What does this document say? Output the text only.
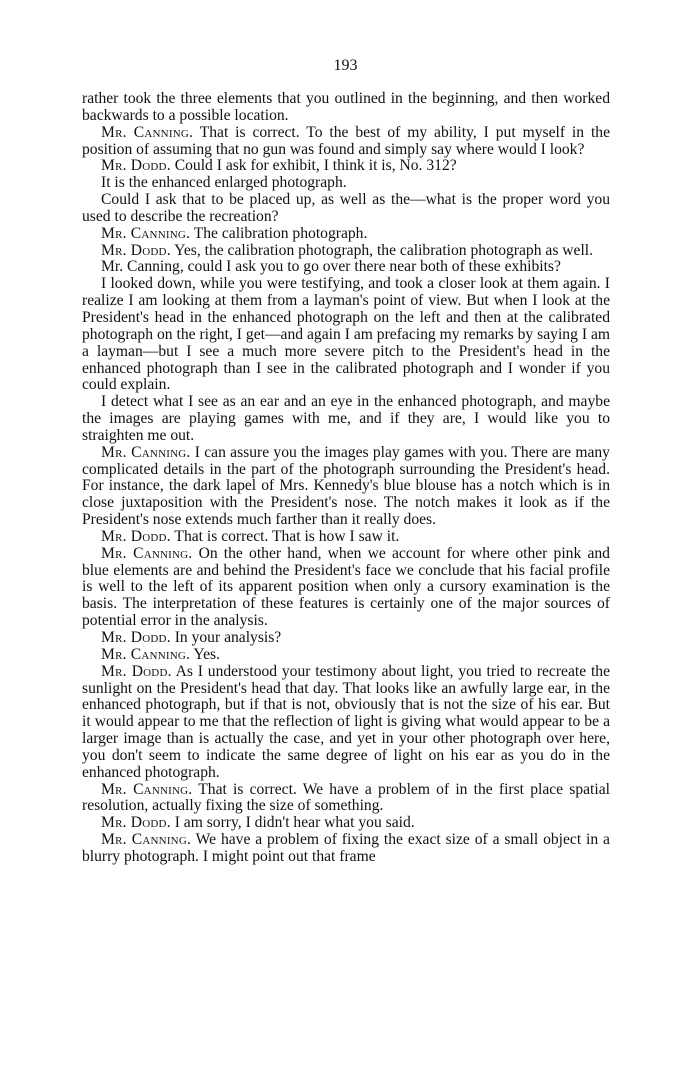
193

rather took the three elements that you outlined in the beginning, and then worked backwards to a possible location.

Mr. Canning. That is correct. To the best of my ability, I put myself in the position of assuming that no gun was found and simply say where would I look?

Mr. Dodd. Could I ask for exhibit, I think it is, No. 312?

It is the enhanced enlarged photograph.

Could I ask that to be placed up, as well as the—what is the proper word you used to describe the recreation?

Mr. Canning. The calibration photograph.

Mr. Dodd. Yes, the calibration photograph, the calibration photograph as well.

Mr. Canning, could I ask you to go over there near both of these exhibits?

I looked down, while you were testifying, and took a closer look at them again. I realize I am looking at them from a layman's point of view. But when I look at the President's head in the enhanced photograph on the left and then at the calibrated photograph on the right, I get—and again I am prefacing my remarks by saying I am a layman—but I see a much more severe pitch to the President's head in the enhanced photograph than I see in the calibrated photograph and I wonder if you could explain.

I detect what I see as an ear and an eye in the enhanced photograph, and maybe the images are playing games with me, and if they are, I would like you to straighten me out.

Mr. Canning. I can assure you the images play games with you. There are many complicated details in the part of the photograph surrounding the President's head. For instance, the dark lapel of Mrs. Kennedy's blue blouse has a notch which is in close juxtaposition with the President's nose. The notch makes it look as if the President's nose extends much farther than it really does.

Mr. Dodd. That is correct. That is how I saw it.

Mr. Canning. On the other hand, when we account for where other pink and blue elements are and behind the President's face we conclude that his facial profile is well to the left of its apparent position when only a cursory examination is the basis. The interpretation of these features is certainly one of the major sources of potential error in the analysis.

Mr. Dodd. In your analysis?

Mr. Canning. Yes.

Mr. Dodd. As I understood your testimony about light, you tried to recreate the sunlight on the President's head that day. That looks like an awfully large ear, in the enhanced photograph, but if that is not, obviously that is not the size of his ear. But it would appear to me that the reflection of light is giving what would appear to be a larger image than is actually the case, and yet in your other photograph over here, you don't seem to indicate the same degree of light on his ear as you do in the enhanced photograph.

Mr. Canning. That is correct. We have a problem of in the first place spatial resolution, actually fixing the size of something.

Mr. Dodd. I am sorry, I didn't hear what you said.

Mr. Canning. We have a problem of fixing the exact size of a small object in a blurry photograph. I might point out that frame
